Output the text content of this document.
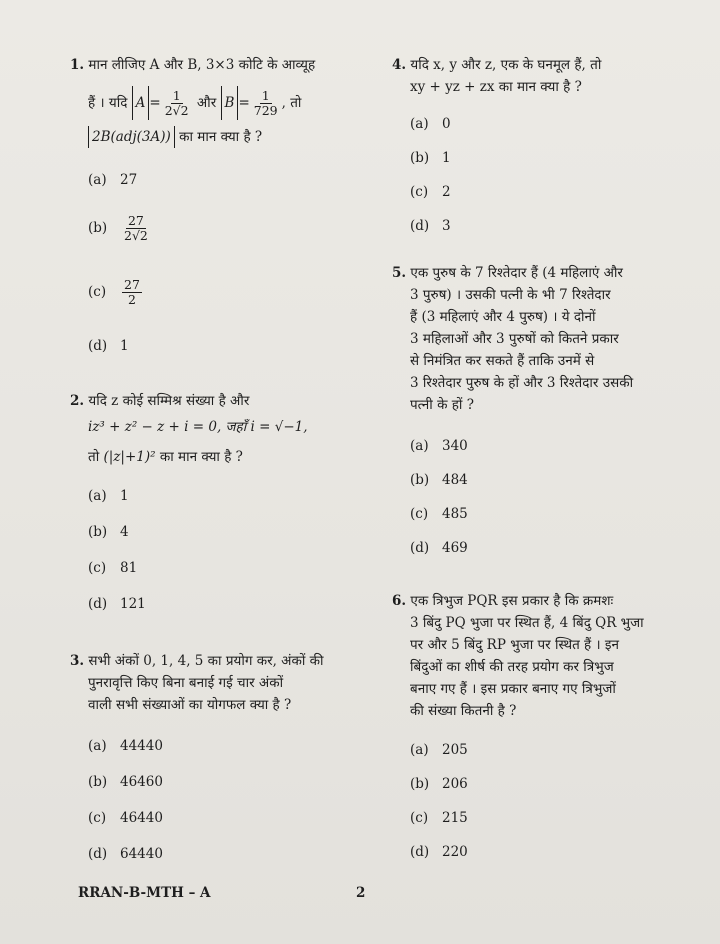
1. मान लीजिए A और B, 3×3 कोटि के आव्यूह
हैं । यदि $A = \frac{1}{2√2}$ और $B = \frac{1}{729}$ , तो
2B(adj(3A)) का मान क्या है ?
(a) 27
$(b) \frac{27}{2√2}$
$(c) \frac{27}{2}$
(d) 1
2. यदि z कोई सम्मिश्र संख्या है और
iz³ + z² − z + i = 0, जहाँ i = √−1,
तो (|z|+1)² का मान क्या है ?
(a) 1
(b) 4
(c) 81
(d) 121
3. सभी अंकों 0, 1, 4, 5 का प्रयोग कर, अंकों की
पुनरावृत्ति किए बिना बनाई गई चार अंकों
वाली सभी संख्याओं का योगफल क्या है ?
(a) 44440
(b) 46460
(c) 46440
(d) 64440
4. यदि x, y और z, एक के घनमूल हैं, तो
xy + yz + zx का मान क्या है ?
(a) 0
(b) 1
(c) 2
(d) 3
5. एक पुरुष के 7 रिश्तेदार हैं (4 महिलाएं और
3 पुरुष) । उसकी पत्नी के भी 7 रिश्तेदार
हैं (3 महिलाएं और 4 पुरुष) । ये दोनों
3 महिलाओं और 3 पुरुषों को कितने प्रकार
से निमंत्रित कर सकते हैं ताकि उनमें से
3 रिश्तेदार पुरुष के हों और 3 रिश्तेदार उसकी
पत्नी के हों ?
(a) 340
(b) 484
(c) 485
(d) 469
6. एक त्रिभुज PQR इस प्रकार है कि क्रमशः
3 बिंदु PQ भुजा पर स्थित हैं, 4 बिंदु QR भुजा
पर और 5 बिंदु RP भुजा पर स्थित हैं । इन
बिंदुओं का शीर्ष की तरह प्रयोग कर त्रिभुज
बनाए गए हैं । इस प्रकार बनाए गए त्रिभुजों
की संख्या कितनी है ?
(a) 205
(b) 206
(c) 215
(d) 220
RRAN-B-MTH – A	2
